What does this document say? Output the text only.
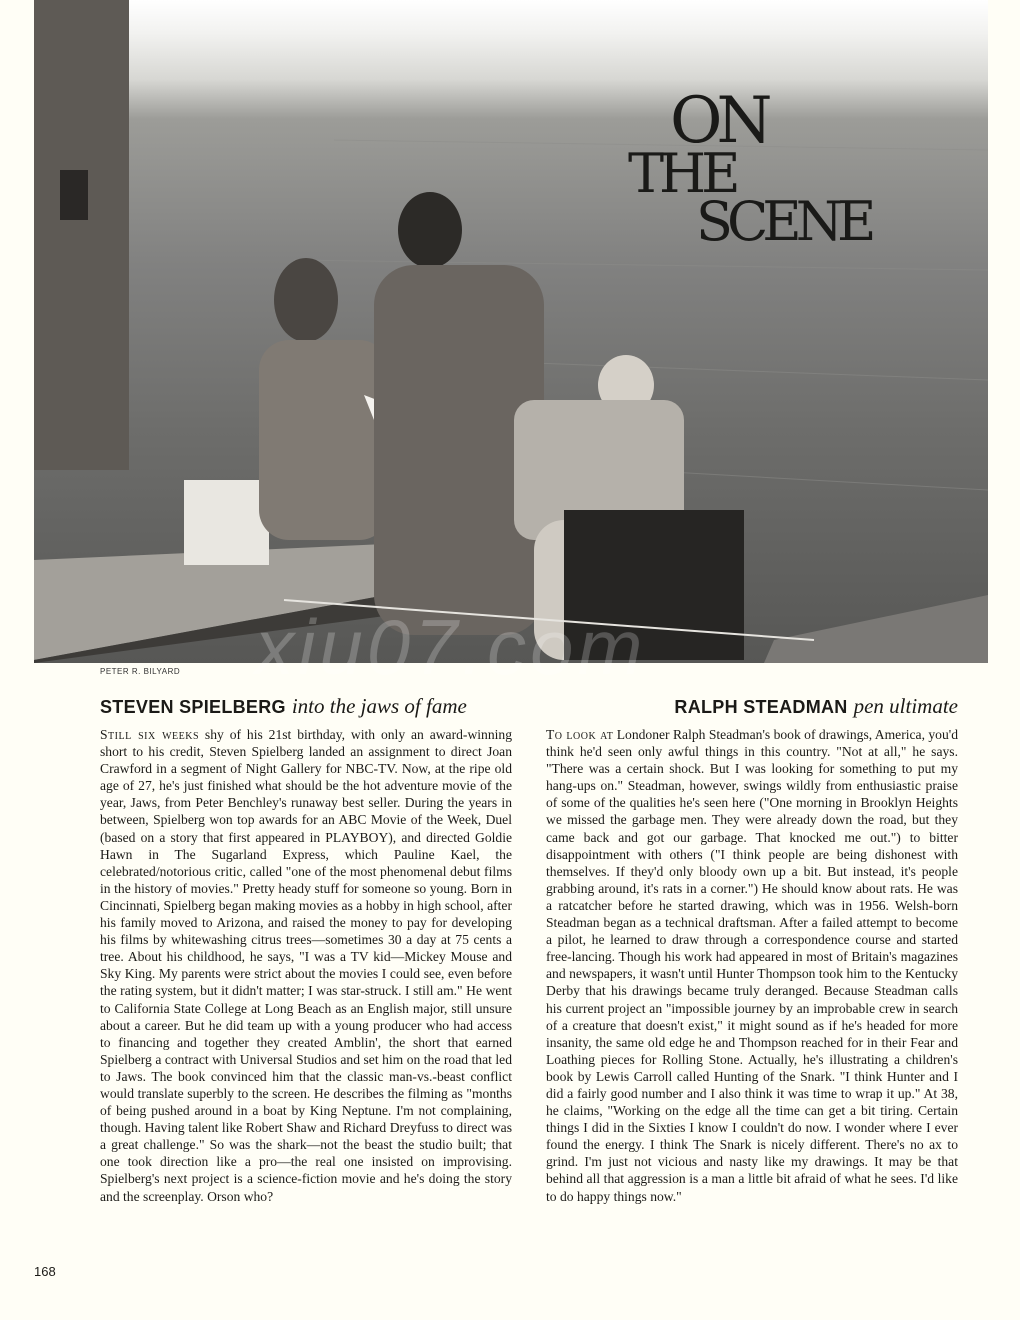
ON
THE
SCENE
xiu07.com
PETER R. BILYARD
STEVEN SPIELBERG into the jaws of fame	RALPH STEADMAN pen ultimate

Still six weeks shy of his 21st birthday, with only an award-winning short to his credit, Steven Spielberg landed an assignment to direct Joan Crawford in a segment of Night Gallery for NBC-TV. Now, at the ripe old age of 27, he's just finished what should be the hot adventure movie of the year, Jaws, from Peter Benchley's runaway best seller. During the years in between, Spielberg won top awards for an ABC Movie of the Week, Duel (based on a story that first appeared in PLAYBOY), and directed Goldie Hawn in The Sugarland Express, which Pauline Kael, the celebrated/notorious critic, called "one of the most phenomenal debut films in the history of movies." Pretty heady stuff for someone so young. Born in Cincinnati, Spielberg began making movies as a hobby in high school, after his family moved to Arizona, and raised the money to pay for developing his films by whitewashing citrus trees—sometimes 30 a day at 75 cents a tree. About his childhood, he says, "I was a TV kid—Mickey Mouse and Sky King. My parents were strict about the movies I could see, even before the rating system, but it didn't matter; I was star-struck. I still am." He went to California State College at Long Beach as an English major, still unsure about a career. But he did team up with a young producer who had access to financing and together they created Amblin', the short that earned Spielberg a contract with Universal Studios and set him on the road that led to Jaws. The book convinced him that the classic man-vs.-beast conflict would translate superbly to the screen. He describes the filming as "months of being pushed around in a boat by King Neptune. I'm not complaining, though. Having talent like Robert Shaw and Richard Dreyfuss to direct was a great challenge." So was the shark—not the beast the studio built; that one took direction like a pro—the real one insisted on improvising. Spielberg's next project is a science-fiction movie and he's doing the story and the screenplay. Orson who?

To look at Londoner Ralph Steadman's book of drawings, America, you'd think he'd seen only awful things in this country. "Not at all," he says. "There was a certain shock. But I was looking for something to put my hang-ups on." Steadman, however, swings wildly from enthusiastic praise of some of the qualities he's seen here ("One morning in Brooklyn Heights we missed the garbage men. They were already down the road, but they came back and got our garbage. That knocked me out.") to bitter disappointment with others ("I think people are being dishonest with themselves. If they'd only bloody own up a bit. But instead, it's people grabbing around, it's rats in a corner.") He should know about rats. He was a ratcatcher before he started drawing, which was in 1956. Welsh-born Steadman began as a technical draftsman. After a failed attempt to become a pilot, he learned to draw through a correspondence course and started free-lancing. Though his work had appeared in most of Britain's magazines and newspapers, it wasn't until Hunter Thompson took him to the Kentucky Derby that his drawings became truly deranged. Because Steadman calls his current project an "impossible journey by an improbable crew in search of a creature that doesn't exist," it might sound as if he's headed for more insanity, the same old edge he and Thompson reached for in their Fear and Loathing pieces for Rolling Stone. Actually, he's illustrating a children's book by Lewis Carroll called Hunting of the Snark. "I think Hunter and I did a fairly good number and I also think it was time to wrap it up." At 38, he claims, "Working on the edge all the time can get a bit tiring. Certain things I did in the Sixties I know I couldn't do now. I wonder where I ever found the energy. I think The Snark is nicely different. There's no ax to grind. I'm just not vicious and nasty like my drawings. It may be that behind all that aggression is a man a little bit afraid of what he sees. I'd like to do happy things now."

168
